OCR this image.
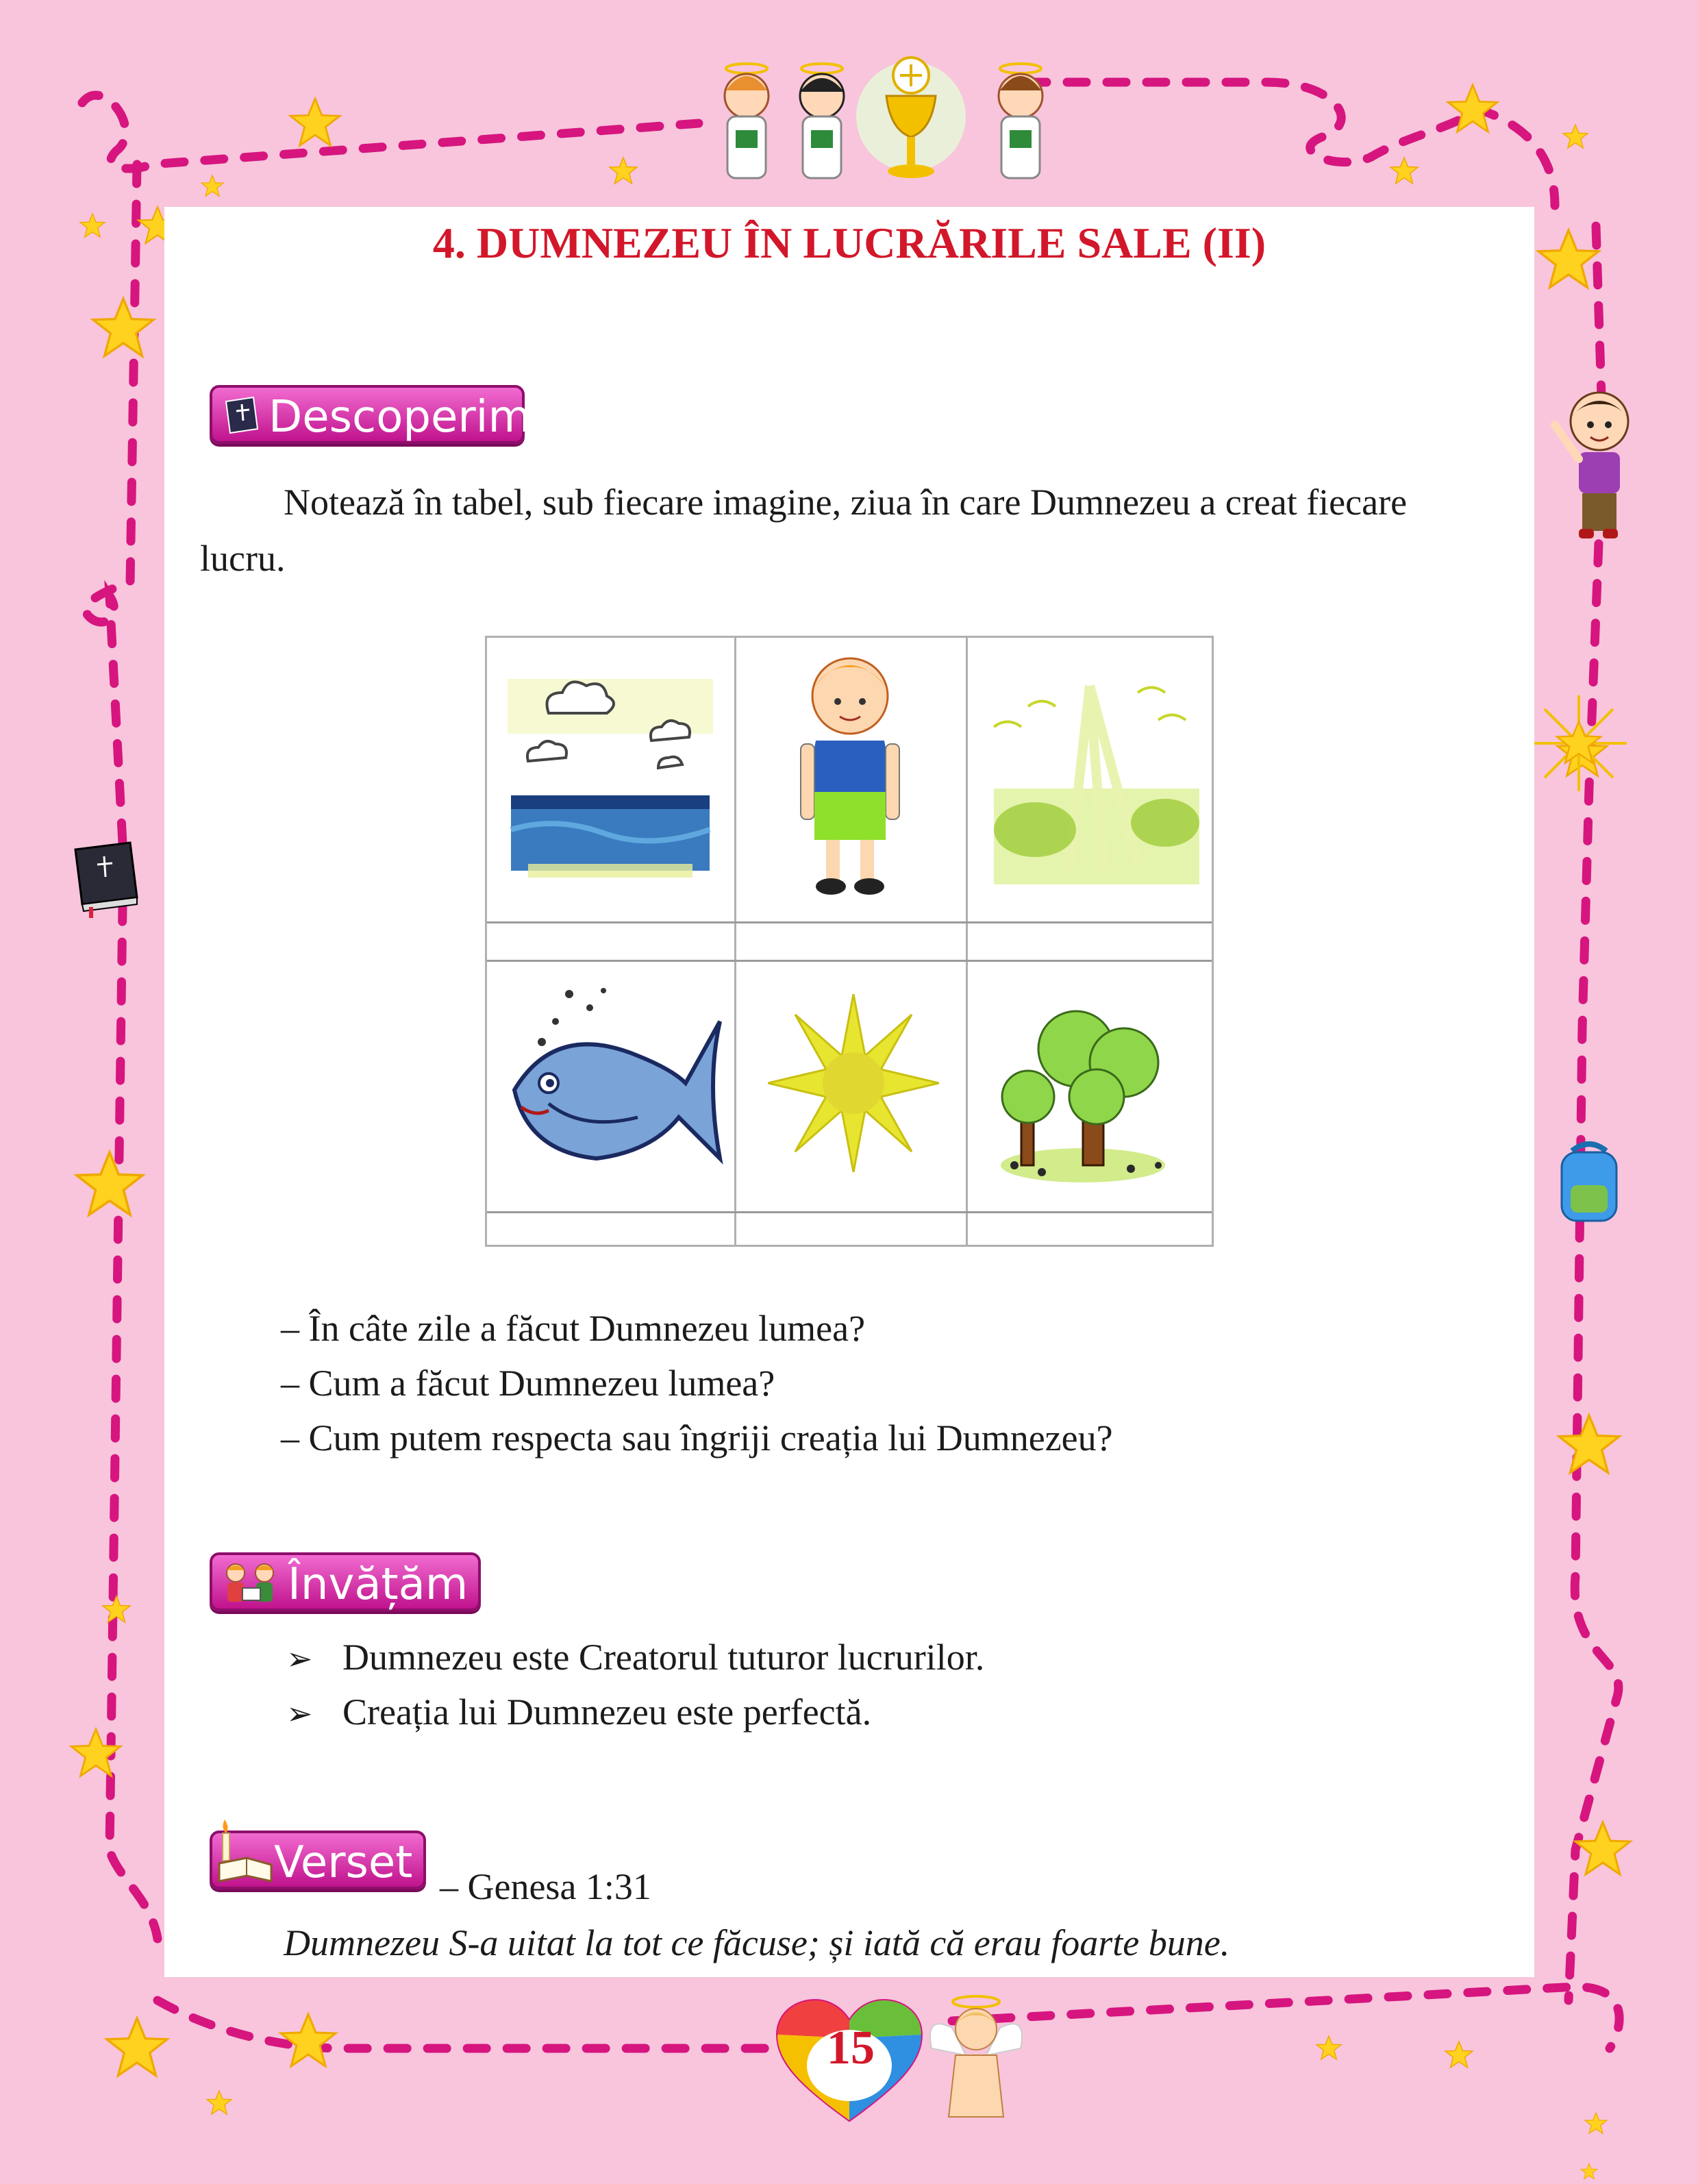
4. DUMNEZEU ÎN LUCRĂRILE SALE (II)
Descoperim
Notează în tabel, sub fiecare imagine, ziua în care Dumnezeu a creat fiecare
lucru.
– În câte zile a făcut Dumnezeu lumea?
– Cum a făcut Dumnezeu lumea?
– Cum putem respecta sau îngriji creația lui Dumnezeu?
Învățăm
➢ Dumnezeu este Creatorul tuturor lucrurilor.
➢ Creația lui Dumnezeu este perfectă.
Verset – Genesa 1:31
Dumnezeu S-a uitat la tot ce făcuse; și iată că erau foarte bune.
15
